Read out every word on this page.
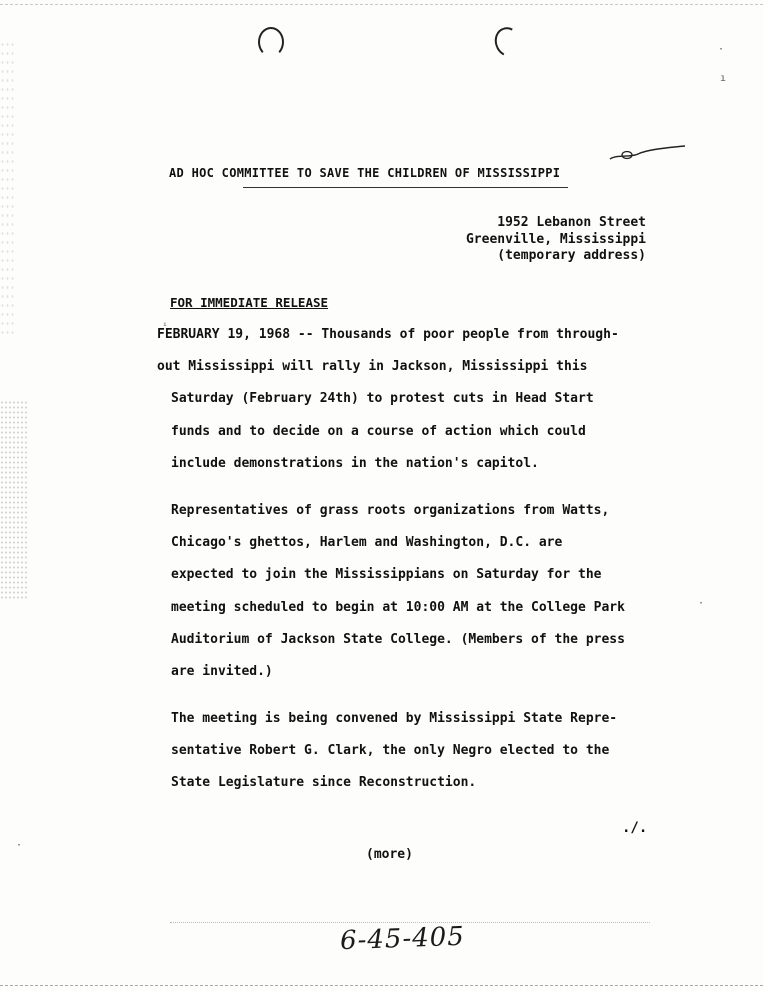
·
ı
ᵢ
·
·
AD HOC COMMITTEE TO SAVE THE CHILDREN OF MISSISSIPPI
1952 Lebanon Street
Greenville, Mississippi
(temporary address)
FOR IMMEDIATE RELEASE
FEBRUARY 19, 1968 -- Thousands of poor people from through-
out Mississippi will rally in Jackson, Mississippi this
Saturday (February 24th) to protest cuts in Head Start
funds and to decide on a course of action which could
include demonstrations in the nation's capitol.
Representatives of grass roots organizations from Watts,
Chicago's ghettos, Harlem and Washington, D.C. are
expected to join the Mississippians on Saturday for the
meeting scheduled to begin at 10:00 AM at the College Park
Auditorium of Jackson State College. (Members of the press
are invited.)
The meeting is being convened by Mississippi State Repre-
sentative Robert G. Clark, the only Negro elected to the
State Legislature since Reconstruction.
./.
(more)
6-45-405
